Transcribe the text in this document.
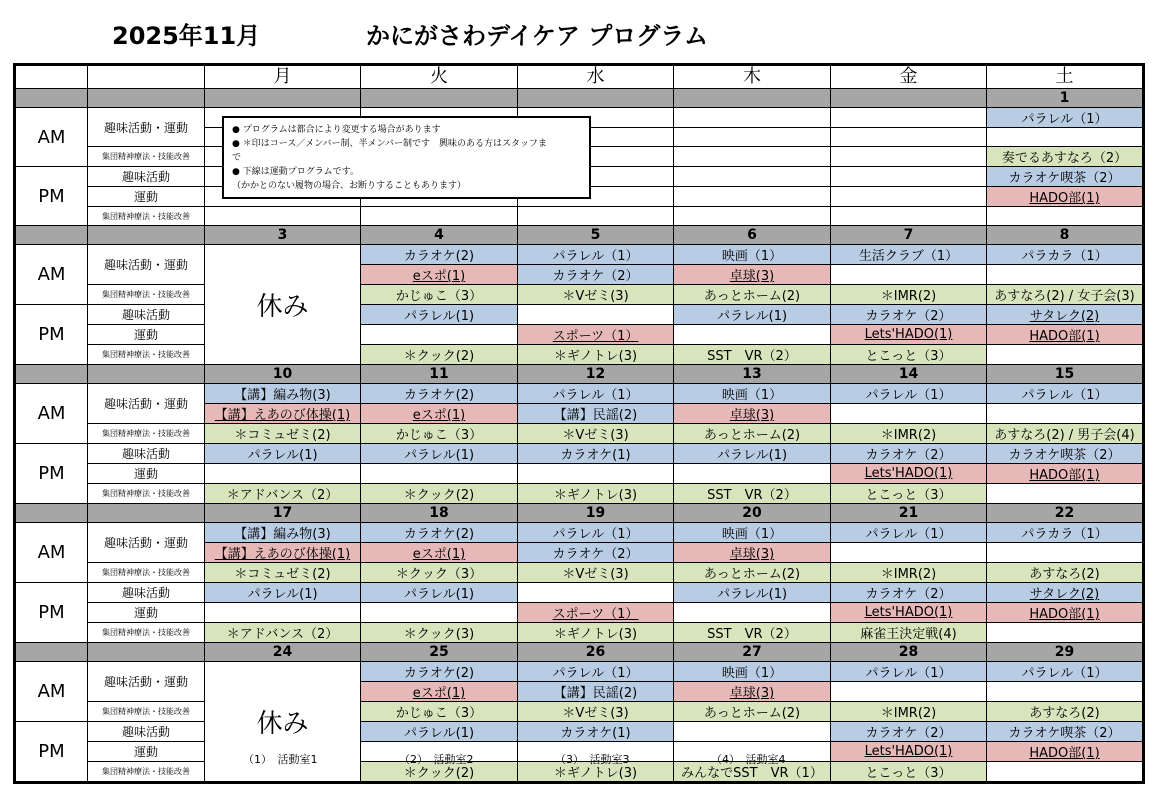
2025年11月	かにがさわデイケア プログラム
		月	火	水	木	金	土
							1
AM	趣味活動・運動						パラレル（1）

	集団精神療法・技能改善						奏でるあすなろ（2）
PM	趣味活動						カラオケ喫茶（2）
	運動						HADO部(1)
	集団精神療法・技能改善						
		3	4	5	6	7	8
AM	趣味活動・運動	休み	カラオケ(2)	パラレル（1）	映画（1）	生活クラブ（1）	パラカラ（1）
			eスポ(1)	カラオケ（2）	卓球(3)		
	集団精神療法・技能改善		かじゅこ（3）	＊Vゼミ(3)	あっとホーム(2)	＊IMR(2)	あすなろ(2) / 女子会(3)
PM	趣味活動		パラレル(1)		パラレル(1)	カラオケ（2）	サタレク(2)
	運動			スポーツ（1）		Lets'HADO(1)	HADO部(1)
	集団精神療法・技能改善		＊クック(2)	＊ギノトレ(3)	SST　VR（2）	とこっと（3）	
		10	11	12	13	14	15
AM	趣味活動・運動	【講】編み物(3)	カラオケ(2)	パラレル（1）	映画（1）	パラレル（1）	パラレル（1）
		【講】えあのび体操(1)	eスポ(1)	【講】民謡(2)	卓球(3)		
	集団精神療法・技能改善	＊コミュゼミ(2)	かじゅこ（3）	＊Vゼミ(3)	あっとホーム(2)	＊IMR(2)	あすなろ(2) / 男子会(4)
PM	趣味活動	パラレル(1)	パラレル(1)	カラオケ(1)	パラレル(1)	カラオケ（2）	カラオケ喫茶（2）
	運動					Lets'HADO(1)	HADO部(1)
	集団精神療法・技能改善	＊アドバンス（2）	＊クック(2)	＊ギノトレ(3)	SST　VR（2）	とこっと（3）	
		17	18	19	20	21	22
AM	趣味活動・運動	【講】編み物(3)	カラオケ(2)	パラレル（1）	映画（1）	パラレル（1）	パラカラ（1）
		【講】えあのび体操(1)	eスポ(1)	カラオケ（2）	卓球(3)		
	集団精神療法・技能改善	＊コミュゼミ(2)	＊クック（3）	＊Vゼミ(3)	あっとホーム(2)	＊IMR(2)	あすなろ(2)
PM	趣味活動	パラレル(1)	パラレル(1)		パラレル(1)	カラオケ（2）	サタレク(2)
	運動			スポーツ（1）		Lets'HADO(1)	HADO部(1)
	集団精神療法・技能改善	＊アドバンス（2）	＊クック(3)	＊ギノトレ(3)	SST　VR（2）	麻雀王決定戦(4)	
		24	25	26	27	28	29
AM	趣味活動・運動	休み	カラオケ(2)	パラレル（1）	映画（1）	パラレル（1）	パラレル（1）
			eスポ(1)	【講】民謡(2)	卓球(3)		
	集団精神療法・技能改善		かじゅこ（3）	＊Vゼミ(3)	あっとホーム(2)	＊IMR(2)	あすなろ(2)
PM	趣味活動		パラレル(1)	カラオケ(1)		カラオケ（2）	カラオケ喫茶（2）
	運動					Lets'HADO(1)	HADO部(1)
	集団精神療法・技能改善		＊クック(2)	＊ギノトレ(3)	みんなでSST　VR（1）	とこっと（3）	
● プログラムは都合により変更する場合があります
● ＊印はコース／メンバー制、半メンバー制です　興味のある方はスタッフま
で
● 下線は運動プログラムです。
（かかとのない履物の場合、お断りすることもあります）
（1）　活動室1	（2）　活動室2	（3）　活動室3	（4）　活動室4
